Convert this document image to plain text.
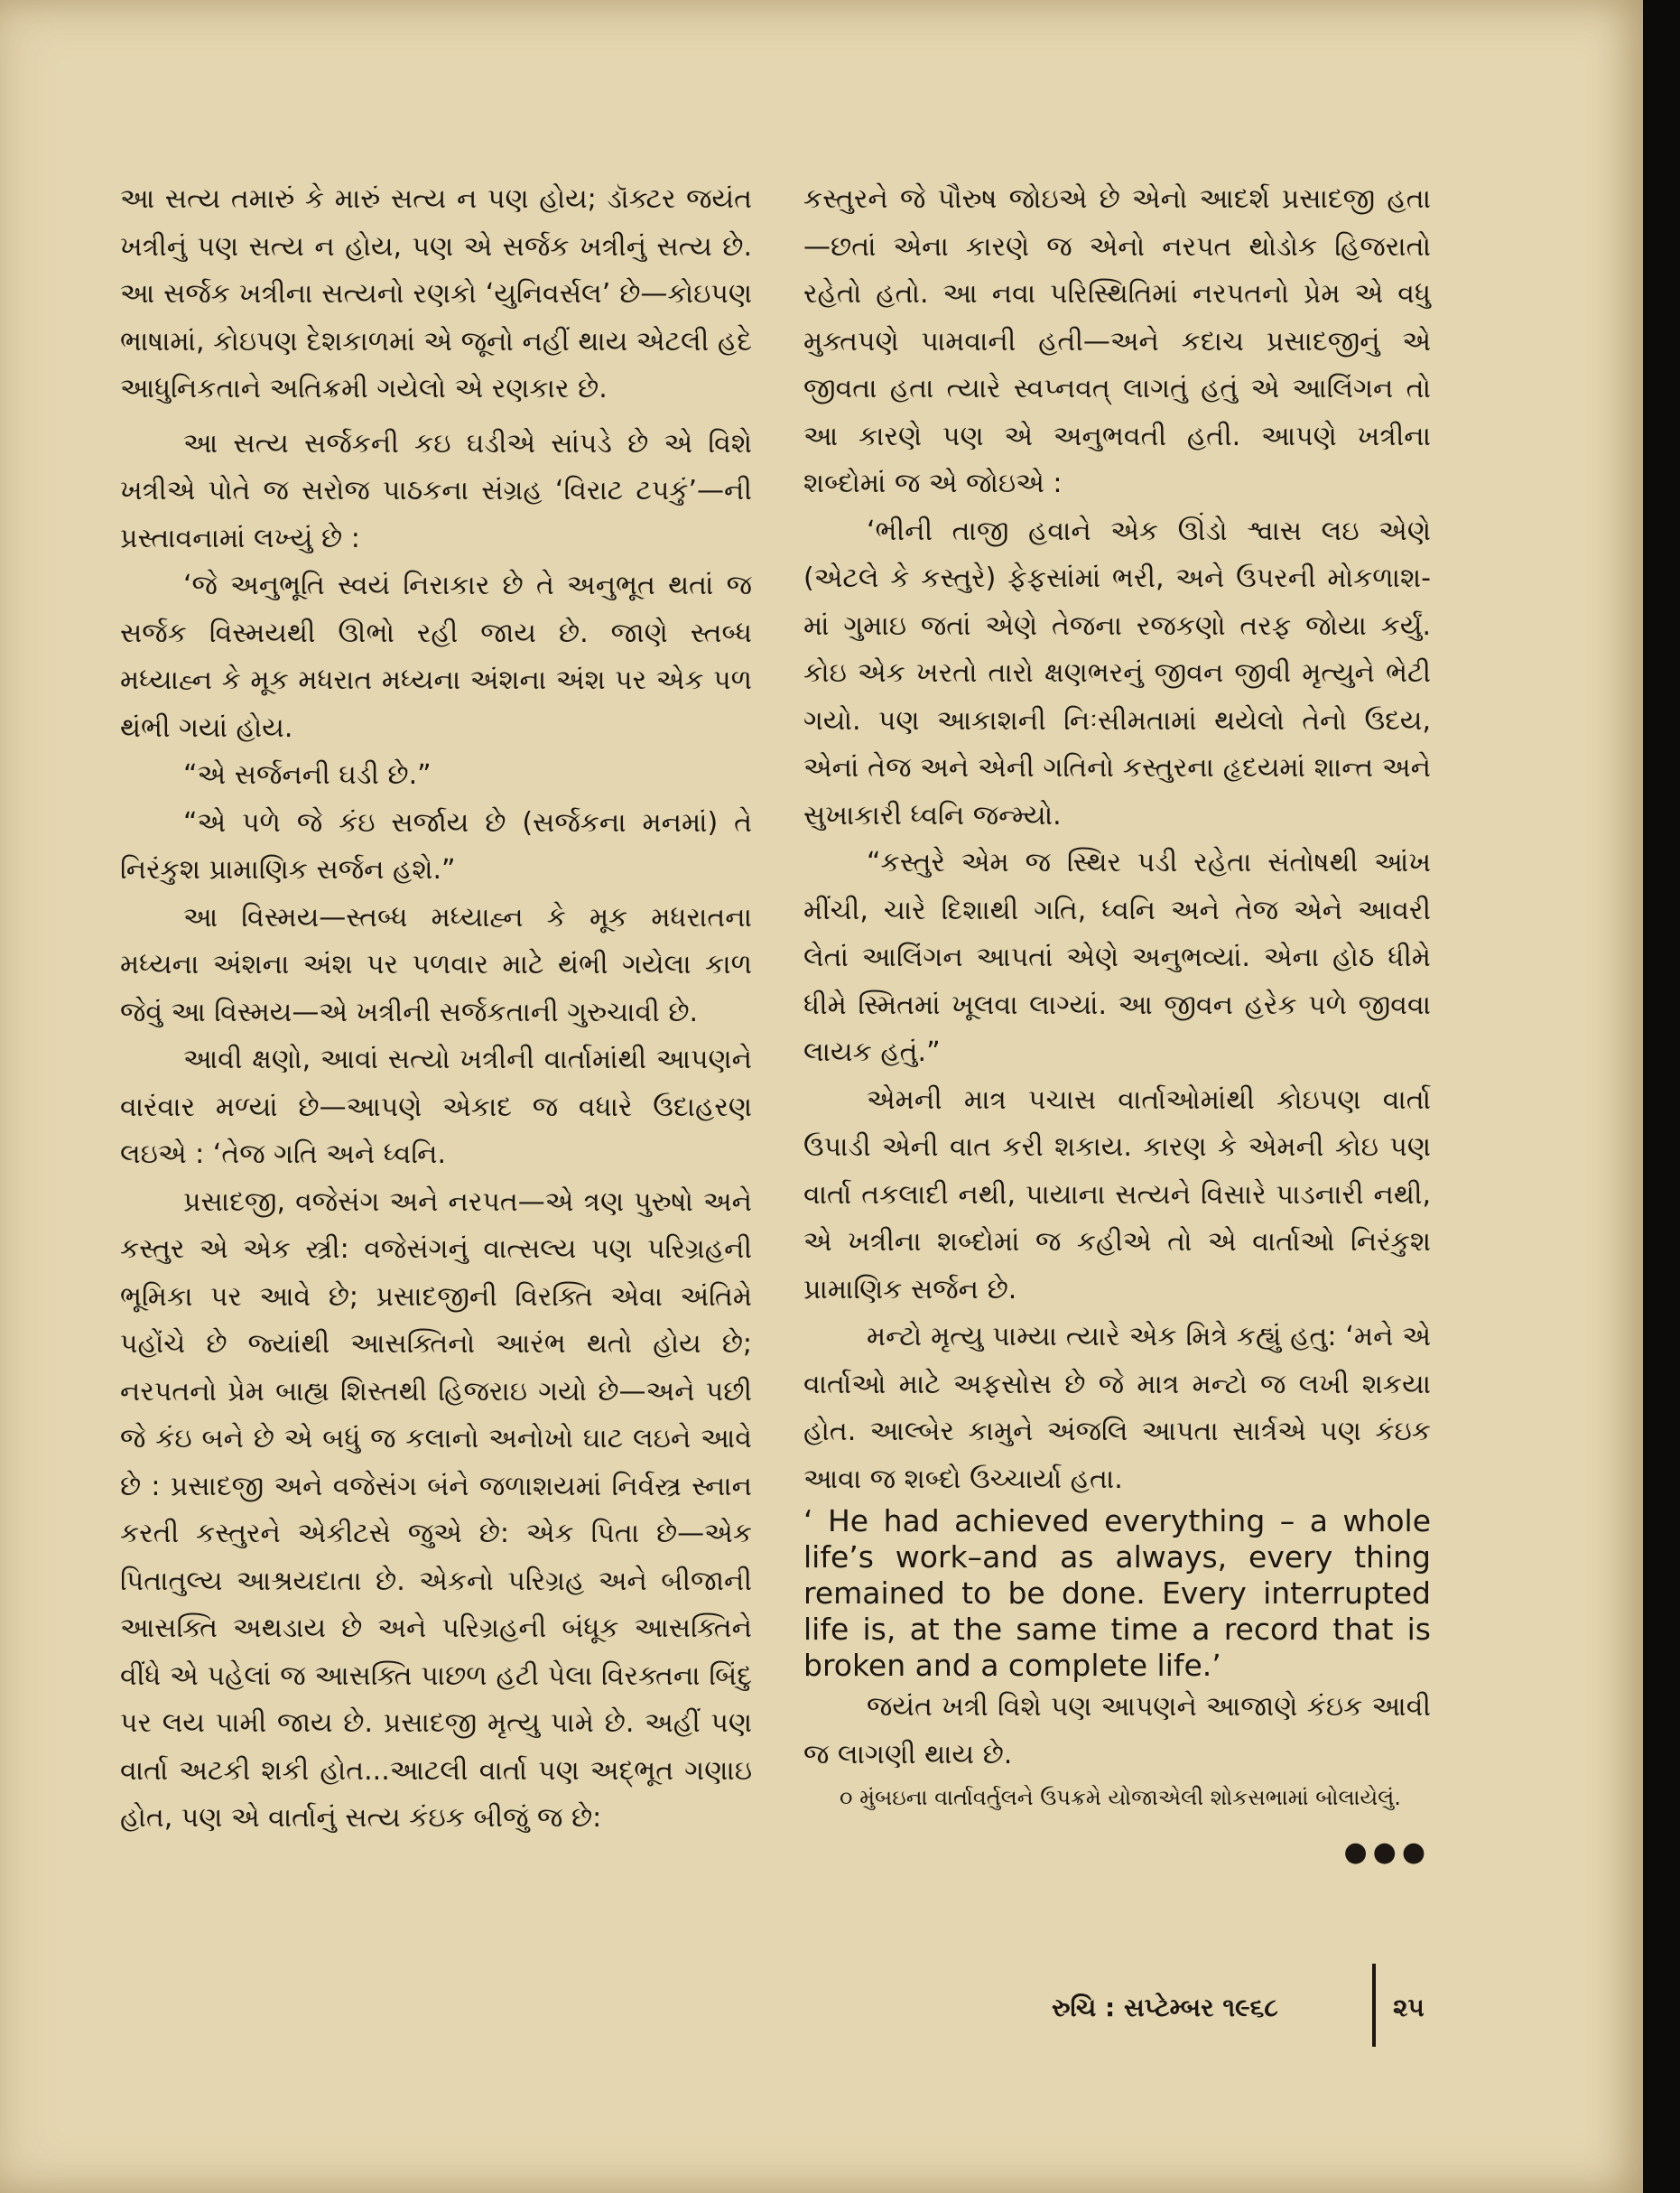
આ સત્ય તમારું કે મારું સત્ય ન પણ હોય; ડૉક્ટર જયંત ખત્રીનું પણ સત્ય ન હોય, પણ એ સર્જક ખત્રીનું સત્ય છે. આ સર્જક ખત્રીના સત્યનો રણકો ‘યુનિવર્સલ’ છે—કોઇપણ ભાષામાં, કોઇપણ દેશકાળમાં એ જૂનો નહીં થાય એટલી હદે આધુનિકતાને અતિક્રમી ગયેલો એ રણકાર છે.

આ સત્ય સર્જકની કઇ ઘડીએ સાંપડે છે એ વિશે ખત્રીએ પોતે જ સરોજ પાઠકના સંગ્રહ ‘વિરાટ ટપકું’—ની પ્રસ્તાવનામાં લખ્યું છે :

‘જે અનુભૂતિ સ્વયં નિરાકાર છે તે અનુભૂત થતાં જ સર્જક વિસ્મયથી ઊભો રહી જાય છે. જાણે સ્તબ્ધ મધ્યાહ્ન કે મૂક મધરાત મધ્યના અંશના અંશ પર એક પળ થંભી ગયાં હોય.

“એ સર્જનની ઘડી છે.”

“એ પળે જે કંઇ સર્જાય છે (સર્જકના મનમાં) તે નિરંકુશ પ્રામાણિક સર્જન હશે.”

આ વિસ્મય—સ્તબ્ધ મધ્યાહ્ન કે મૂક મધરાતના મધ્યના અંશના અંશ પર પળવાર માટે થંભી ગયેલા કાળ જેવું આ વિસ્મય—એ ખત્રીની સર્જકતાની ગુરુચાવી છે.

આવી ક્ષણો, આવાં સત્યો ખત્રીની વાર્તામાંથી આપણને વારંવાર મળ્યાં છે—આપણે એકાદ જ વધારે ઉદાહરણ લઇએ : ‘તેજ ગતિ અને ધ્વનિ.

પ્રસાદજી, વજેસંગ અને નરપત—એ ત્રણ પુરુષો અને કસ્તુર એ એક સ્ત્રી: વજેસંગનું વાત્સલ્ય પણ પરિગ્રહની ભૂમિકા પર આવે છે; પ્રસાદજીની વિરક્તિ એવા અંતિમે પહોંચે છે જ્યાંથી આસક્તિનો આરંભ થતો હોય છે; નરપતનો પ્રેમ બાહ્ય શિસ્તથી હિજરાઇ ગયો છે—અને પછી જે કંઇ બને છે એ બધું જ કલાનો અનોખો ઘાટ લઇને આવે છે : પ્રસાદજી અને વજેસંગ બંને જળાશયમાં નિર્વસ્ત્ર સ્નાન કરતી કસ્તુરને એકીટસે જુએ છે: એક પિતા છે—એક પિતાતુલ્ય આશ્રયદાતા છે. એકનો પરિગ્રહ અને બીજાની આસક્તિ અથડાય છે અને પરિગ્રહની બંધૂક આસક્તિને વીંધે એ પહેલાં જ આસક્તિ પાછળ હટી પેલા વિરક્તના બિંદુ પર લય પામી જાય છે. પ્રસાદજી મૃત્યુ પામે છે. અહીં પણ વાર્તા અટકી શકી હોત...આટલી વાર્તા પણ અદ્ભૂત ગણાઇ હોત, પણ એ વાર્તાનું સત્ય કંઇક બીજું જ છે:

કસ્તુરને જે પૌરુષ જોઇએ છે એનો આદર્શ પ્રસાદજી હતા—છતાં એના કારણે જ એનો નરપત થોડોક હિજરાતો રહેતો હતો. આ નવા પરિસ્થિતિમાં નરપતનો પ્રેમ એ વધુ મુક્તપણે પામવાની હતી—અને કદાચ પ્રસાદજીનું એ જીવતા હતા ત્યારે સ્વપ્નવત્ લાગતું હતું એ આલિંગન તો આ કારણે પણ એ અનુભવતી હતી. આપણે ખત્રીના શબ્દોમાં જ એ જોઇએ :

‘ભીની તાજી હવાને એક ઊંડો શ્વાસ લઇ એણે (એટલે કે કસ્તુરે) ફેફસાંમાં ભરી, અને ઉપરની મોકળાશ-માં ગુમાઇ જતાં એણે તેજના રજકણો તરફ જોયા કર્યું. કોઇ એક ખરતો તારો ક્ષણભરનું જીવન જીવી મૃત્યુને ભેટી ગયો. પણ આકાશની નિઃસીમતામાં થયેલો તેનો ઉદય, એનાં તેજ અને એની ગતિનો કસ્તુરના હૃદયમાં શાન્ત અને સુખાકારી ધ્વનિ જન્મ્યો.

“કસ્તુરે એમ જ સ્થિર પડી રહેતા સંતોષથી આંખ મીંચી, ચારે દિશાથી ગતિ, ધ્વનિ અને તેજ એને આવરી લેતાં આલિંગન આપતાં એણે અનુભવ્યાં. એના હોઠ ધીમે ધીમે સ્મિતમાં ખૂલવા લાગ્યાં. આ જીવન હરેક પળે જીવવા લાયક હતું.”

એમની માત્ર પચાસ વાર્તાઓમાંથી કોઇપણ વાર્તા ઉપાડી એની વાત કરી શકાય. કારણ કે એમની કોઇ પણ વાર્તા તકલાદી નથી, પાયાના સત્યને વિસારે પાડનારી નથી, એ ખત્રીના શબ્દોમાં જ કહીએ તો એ વાર્તાઓ નિરંકુશ પ્રામાણિક સર્જન છે.

મન્ટો મૃત્યુ પામ્યા ત્યારે એક મિત્રે કહ્યું હતુ: ‘મને એ વાર્તાઓ માટે અફસોસ છે જે માત્ર મન્ટો જ લખી શકયા હોત. આલ્બેર કામુને અંજલિ આપતા સાર્ત્રએ પણ કંઇક આવા જ શબ્દો ઉચ્ચાર્યા હતા.

‘ He had achieved everything – a whole life’s work–and as always, every thing remained to be done. Every interrupted life is, at the same time a record that is broken and a complete life.’

જયંત ખત્રી વિશે પણ આપણને આજાણે કંઇક આવી જ લાગણી થાય છે.

૦ મુંબઇના વાર્તાવર્તુલને ઉપક્રમે યોજાએલી શોકસભામાં બોલાયેલું.

●●●
રુચિ : સપ્ટેમ્બર ૧૯૬૮	૨૫
